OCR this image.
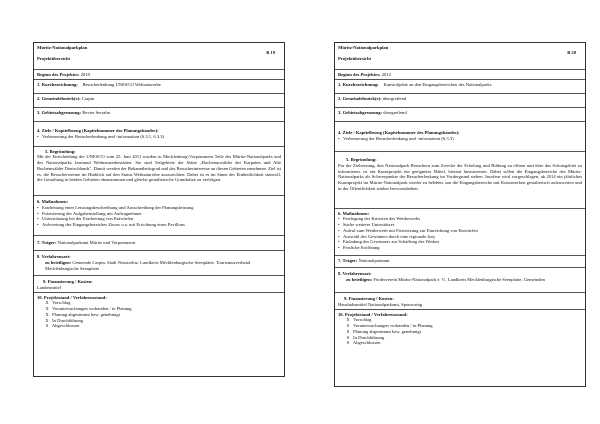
Müritz-Nationalparkplan
B 19
Projektübersicht
Beginn des Projektes: 2010
1. Kurzbezeichnung: Besucherlenkung UNESCO Weltnaturerbe
2. Gemeindebezirk(e): Carpin
3. Gebietsabgrenzung: Revier Serrahn
4. Ziele / Kapitelbezug (Kapitelnummer des Planungsbandes):
• Verbesserung der Besucherlenkung und -information (6.3.1, 6.3.3)
5. Begründung:
Mit der Entscheidung der UNESCO vom 25. Juni 2011 wurden in Mecklenburg-Vorpommern Teile des Müritz-Nationalparks und des Nationalparks Jasmund Weltnaturerbestätten. Sie sind Teilgebiete der Stätte „Buchenurwälder der Karpaten und Alte Buchenwälder Deutschlands". Damit werden der Bekanntheitsgrad und das Besucherinteresse an diesen Gebieten zunehmen. Ziel ist es, die Besucherströme im Hinblick auf den Status Weltnaturerbe auszurichten. Dabei ist es im Sinne der Einheitlichkeit sinnvoll, die Gestaltung in beiden Gebieten abzustimmen und gleiche gestalterische Grundsätze zu verfolgen.
6. Maßnahmen:
• Erarbeitung einer Leistungsbeschreibung und Ausschreibung der Planungsleistung
• Präzisierung der Aufgabenstellung mit Auftragnehmer
• Unterstützung bei der Erarbeitung von Entwürfen
• Aufwertung des Eingangsbereiches Zinow u.a. mit Errichtung eines Pavillons
7. Träger: Nationalparkamt Müritz und Vorpommern
8. Verfahrensart:
zu beteiligen: Gemeinde Carpin, Stadt Neustrelitz, Landkreis Mecklenburgische Seenplatte, Tourismusverband Mecklenburgische Seenplatte
9. Finanzierung / Kosten:
Landesmittel
10. Projektstand / Verfahrensstand:
X Vorschlag
X Voruntersuchungen vorhanden / in Planung
X Planung abgestimmt bzw. genehmigt
X In Durchführung
0 Abgeschlossen
Müritz-Nationalparkplan
B 20
Projektübersicht
Beginn des Projektes: 2012
1. Kurzbezeichnung: Kunstobjekte an den Eingangsbereichen des Nationalparks
2. Gemeindebezirk(e): übergreifend
3. Gebietsabgrenzung: übergreifend
4. Ziele / Kapitelbezug (Kapitelnummer des Planungsbandes):
• Verbesserung der Besucherlenkung und -information (6.3.3)
5. Begründung:
Für die Zielsetzung, den Nationalpark Besuchern zum Zwecke der Erholung und Bildung zu öffnen und über das Schutzgebiet zu informieren, ist ein Kunstprojekt ein geeignetes Mittel, hierauf hinzuweisen. Dabei sollen die Eingangsbereiche des Müritz-Nationalparks als Schwerpunkte der Besucherlenkung im Vordergrund stehen. Insofern wird vorgeschlagen, ab 2014 ein jährliches Kunstprojekt im Müritz-Nationalpark wieder zu beleben, um die Eingangsbereiche mit Kunstwerken gestalterisch aufzuwerten und in der Öffentlichkeit stärker hervorzuheben.
6. Maßnahmen:
• Festlegung der Kriterien des Wettbewerbs
• Suche weiterer Unterstützer
• Aufruf zum Wettbewerb mit Fristsetzung zur Einreichung von Entwürfen
• Auswahl des Gewinners durch eine regionale Jury
• Einladung des Gewinners zur Schaffung des Werkes
• Festliche Eröffnung
7. Träger: Nationalparkamt
8. Verfahrensart:
zu beteiligen: Förderverein Müritz-Nationalpark e. V., Landkreis Mecklenburgische Seenplatte, Gemeinden
9. Finanzierung / Kosten:
Haushaltsmittel Nationalparkamt, Sponsoring
10. Projektstand / Verfahrensstand:
X Vorschlag
0 Voruntersuchungen vorhanden / in Planung
0 Planung abgestimmt bzw. genehmigt
0 In Durchführung
0 Abgeschlossen
